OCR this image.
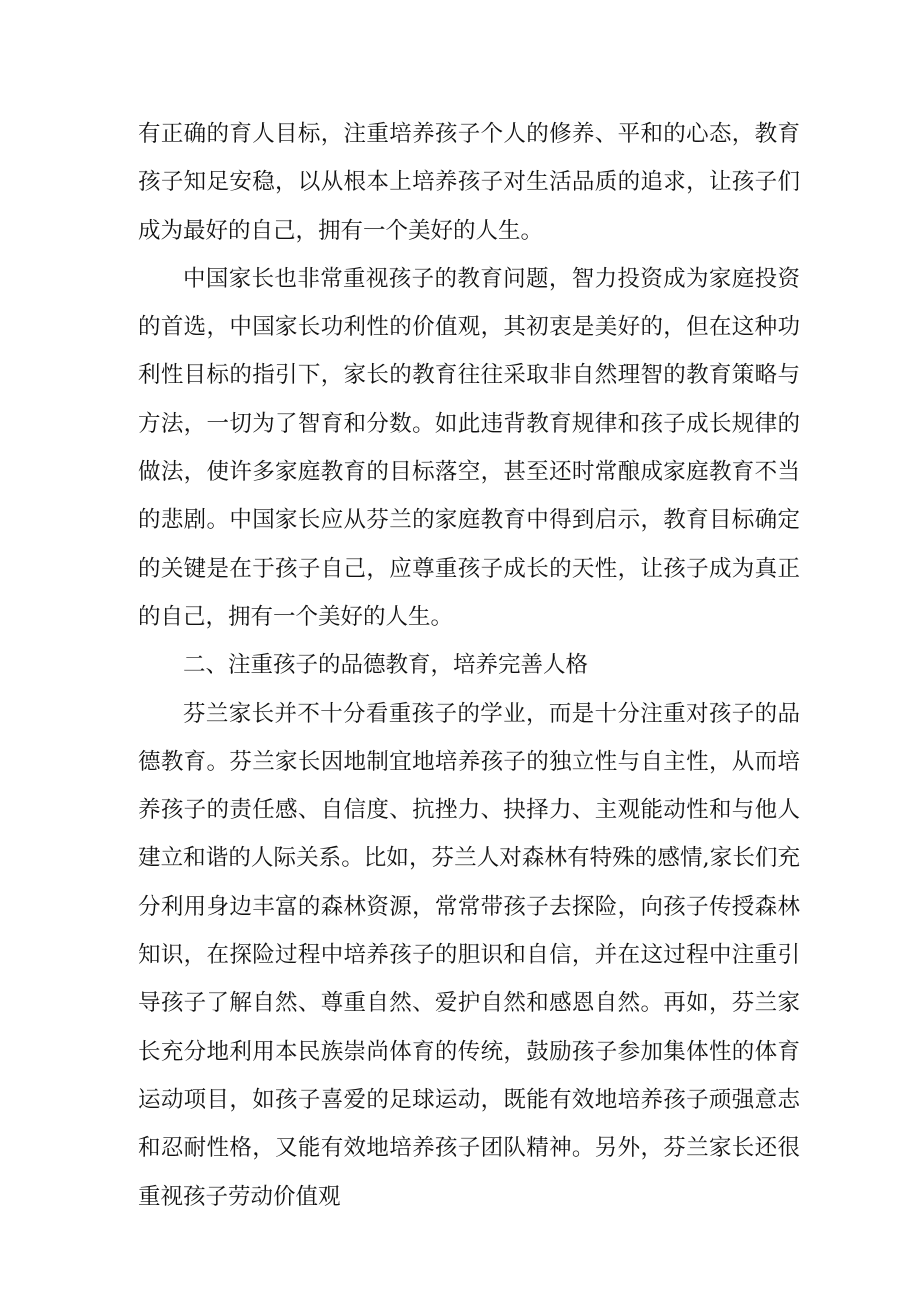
有正确的育人目标，注重培养孩子个人的修养、平和的心态，教育孩子知足安稳，以从根本上培养孩子对生活品质的追求，让孩子们成为最好的自己，拥有一个美好的人生。

中国家长也非常重视孩子的教育问题，智力投资成为家庭投资的首选，中国家长功利性的价值观，其初衷是美好的，但在这种功利性目标的指引下，家长的教育往往采取非自然理智的教育策略与方法，一切为了智育和分数。如此违背教育规律和孩子成长规律的做法，使许多家庭教育的目标落空，甚至还时常酿成家庭教育不当的悲剧。中国家长应从芬兰的家庭教育中得到启示，教育目标确定的关键是在于孩子自己，应尊重孩子成长的天性，让孩子成为真正的自己，拥有一个美好的人生。

二、注重孩子的品德教育，培养完善人格

芬兰家长并不十分看重孩子的学业，而是十分注重对孩子的品德教育。芬兰家长因地制宜地培养孩子的独立性与自主性，从而培养孩子的责任感、自信度、抗挫力、抉择力、主观能动性和与他人建立和谐的人际关系。比如，芬兰人对森林有特殊的感情,家长们充分利用身边丰富的森林资源，常常带孩子去探险，向孩子传授森林知识，在探险过程中培养孩子的胆识和自信，并在这过程中注重引导孩子了解自然、尊重自然、爱护自然和感恩自然。再如，芬兰家长充分地利用本民族崇尚体育的传统，鼓励孩子参加集体性的体育运动项目，如孩子喜爱的足球运动，既能有效地培养孩子顽强意志和忍耐性格，又能有效地培养孩子团队精神。另外，芬兰家长还很重视孩子劳动价值观
